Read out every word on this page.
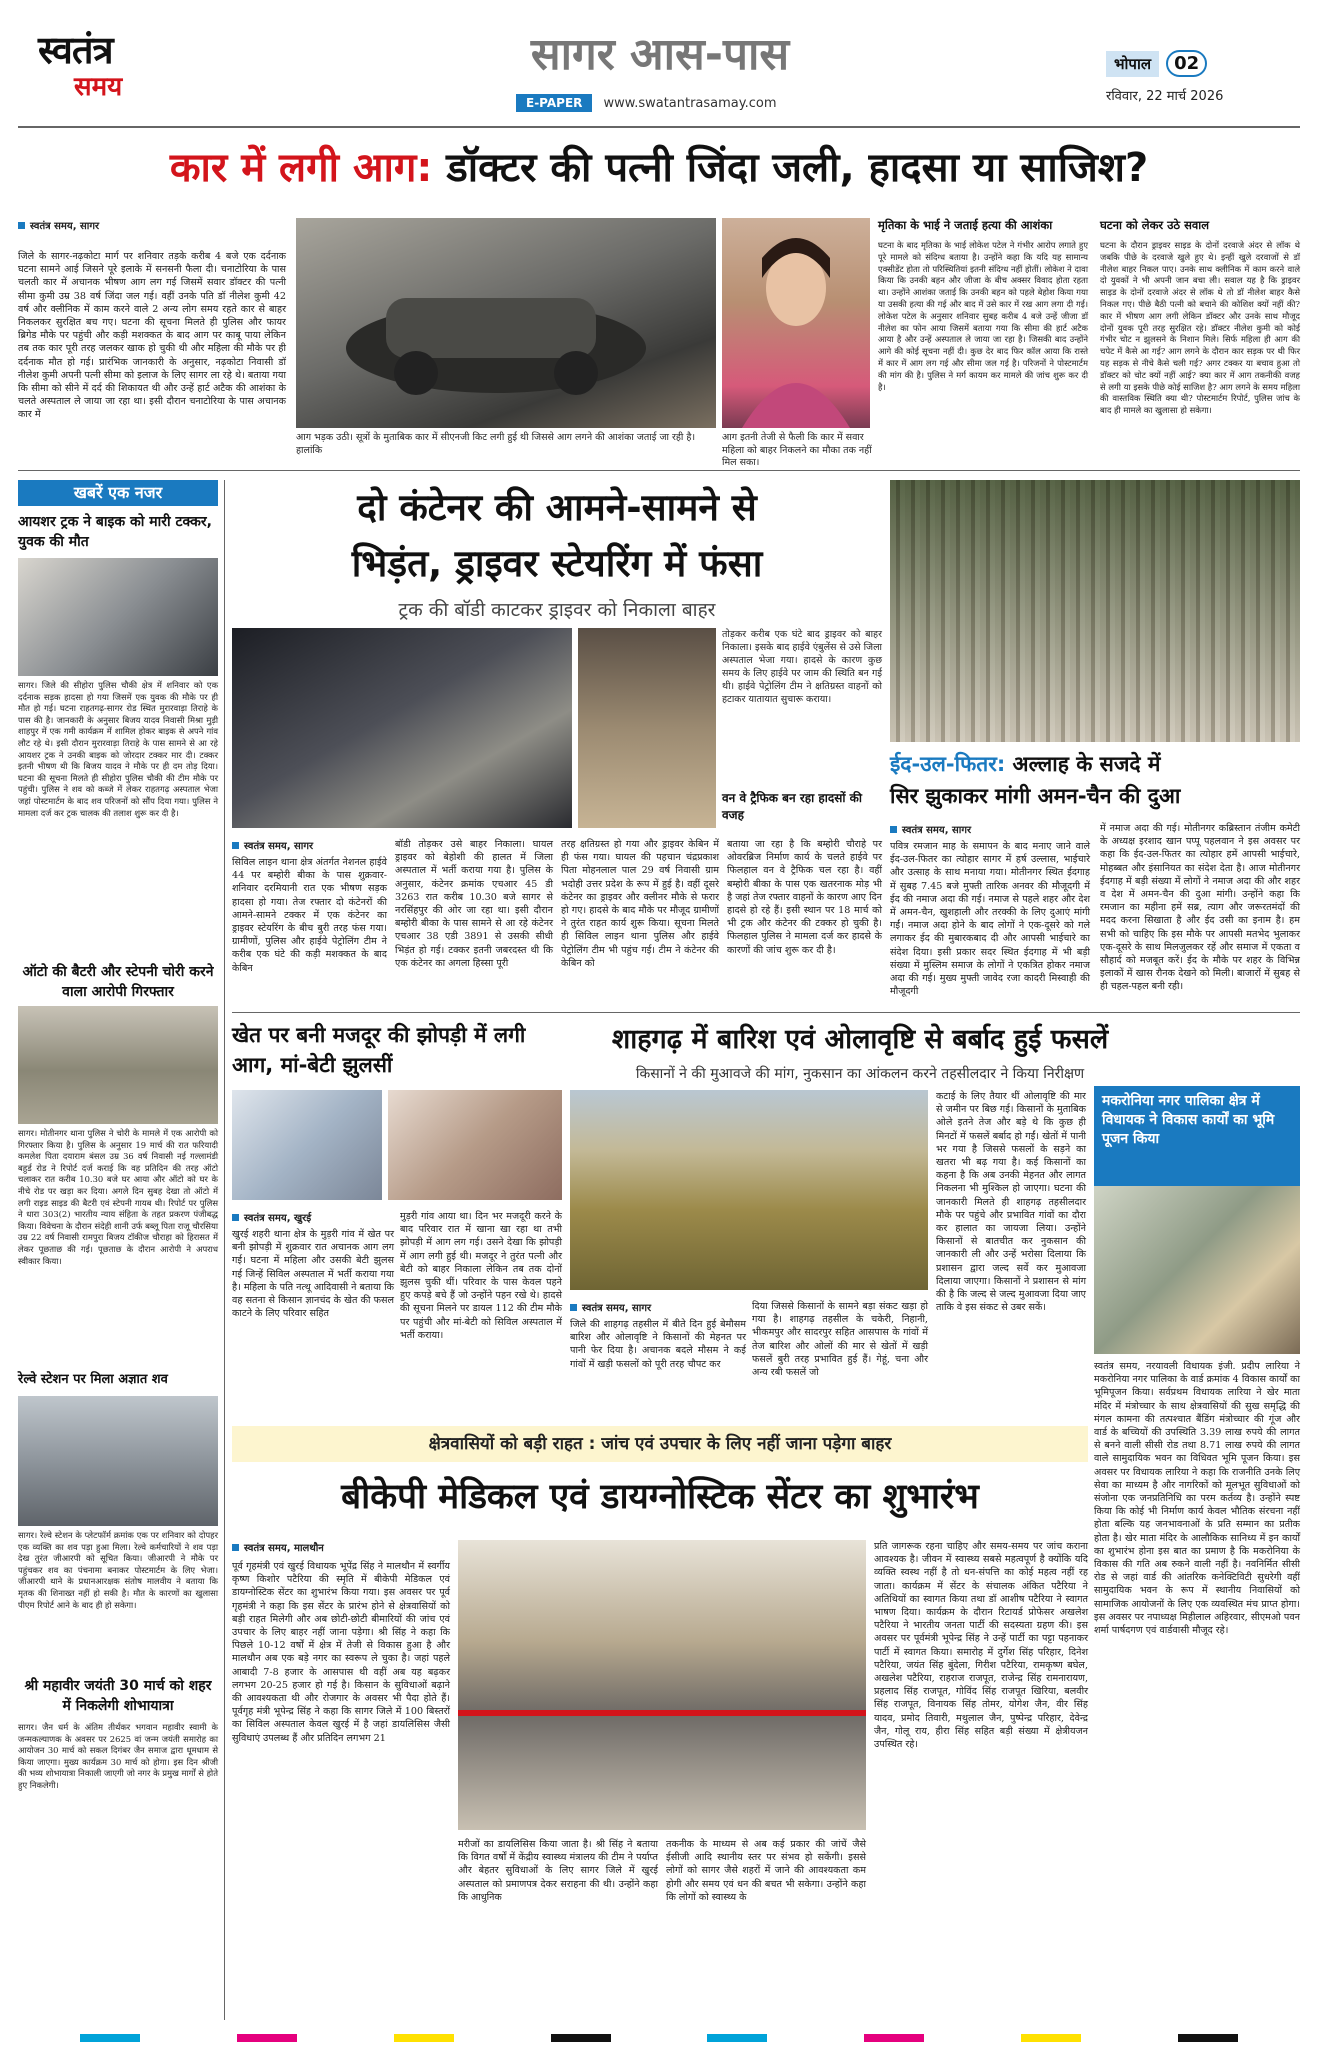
स्वतंत्र
समय
सागर आस-पास
E-PAPER www.swatantrasamay.com
भोपाल 02
रविवार, 22 मार्च 2026
कार में लगी आग: डॉक्टर की पत्नी जिंदा जली, हादसा या साजिश?
स्वतंत्र समय, सागर
जिले के सागर-नढ़कोटा मार्ग पर शनिवार तड़के करीब 4 बजे एक दर्दनाक घटना सामने आई जिसने पूरे इलाके में सनसनी फैला दी। चनाटोरिया के पास चलती कार में अचानक भीषण आग लग गई जिसमें सवार डॉक्टर की पत्नी सीमा कुमी उम्र 38 वर्ष जिंदा जल गई। वहीं उनके पति डॉ नीलेश कुमी 42 वर्ष और क्लीनिक में काम करने वाले 2 अन्य लोग समय रहते कार से बाहर निकलकर सुरक्षित बच गए। घटना की सूचना मिलते ही पुलिस और फायर ब्रिगेड मौके पर पहुंची और कड़ी मशक्कत के बाद आग पर काबू पाया लेकिन तब तक कार पूरी तरह जलकर खाक हो चुकी थी और महिला की मौके पर ही दर्दनाक मौत हो गई। प्रारंभिक जानकारी के अनुसार, नढ़कोटा निवासी डॉ नीलेश कुमी अपनी पत्नी सीमा को इलाज के लिए सागर ला रहे थे। बताया गया कि सीमा को सीने में दर्द की शिकायत थी और उन्हें हार्ट अटैक की आशंका के चलते अस्पताल ले जाया जा रहा था। इसी दौरान चनाटोरिया के पास अचानक कार में
आग भड़क उठी। सूत्रों के मुताबिक कार में सीएनजी किट लगी हुई थी जिससे आग लगने की आशंका जताई जा रही है। हालांकि
आग इतनी तेजी से फैली कि कार में सवार महिला को बाहर निकलने का मौका तक नहीं मिल सका।
मृतिका के भाई ने जताई हत्या की आशंका
घटना के बाद मृतिका के भाई लोकेश पटेल ने गंभीर आरोप लगाते हुए पूरे मामले को संदिग्ध बताया है। उन्होंने कहा कि यदि यह सामान्य एक्सीडेंट होता तो परिस्थितियां इतनी संदिग्ध नहीं होतीं। लोकेश ने दावा किया कि उनकी बहन और जीजा के बीच अक्सर विवाद होता रहता था। उन्होंने आशंका जताई कि उनकी बहन को पहले बेहोश किया गया या उसकी हत्या की गई और बाद में उसे कार में रख आग लगा दी गई। लोकेश पटेल के अनुसार शनिवार सुबह करीब 4 बजे उन्हें जीजा डॉ नीलेश का फोन आया जिसमें बताया गया कि सीमा की हार्ट अटैक आया है और उन्हें अस्पताल ले जाया जा रहा है। जिसकी बाद उन्होंने आगे की कोई सूचना नहीं दी। कुछ देर बाद फिर कॉल आया कि रास्ते में कार में आग लग गई और सीमा जल गई है। परिजनों ने पोस्टमार्टम की मांग की है। पुलिस ने मर्ग कायम कर मामले की जांच शुरू कर दी है।
घटना को लेकर उठे सवाल
घटना के दौरान ड्राइवर साइड के दोनों दरवाजे अंदर से लॉक थे जबकि पीछे के दरवाजे खुले हुए थे। इन्हीं खुले दरवाजों से डॉ नीलेश बाहर निकल पाए। उनके साथ क्लीनिक में काम करने वाले दो युवकों ने भी अपनी जान बचा ली। सवाल यह है कि ड्राइवर साइड के दोनों दरवाजे अंदर से लॉक थे तो डॉ नीलेश बाहर कैसे निकल गए। पीछे बैठी पत्नी को बचाने की कोशिश क्यों नहीं की? कार में भीषण आग लगी लेकिन डॉक्टर और उनके साथ मौजूद दोनों युवक पूरी तरह सुरक्षित रहे। डॉक्टर नीलेश कुमी को कोई गंभीर चोट न झुलसने के निशान मिले। सिर्फ महिला ही आग की चपेट में कैसे आ गई? आग लगने के दौरान कार सड़क पर थी फिर यह सड़क से नीचे कैसे चली गई? अगर टक्कर या बचाव हुआ तो डॉक्टर को चोट क्यों नहीं आई? क्या कार में आग तकनीकी वजह से लगी या इसके पीछे कोई साजिश है? आग लगने के समय महिला की वास्तविक स्थिति क्या थी? पोस्टमार्टम रिपोर्ट, पुलिस जांच के बाद ही मामले का खुलासा हो सकेगा।
खबरें एक नजर
आयशर ट्रक ने बाइक को मारी टक्कर, युवक की मौत
सागर। जिले की सीहोरा पुलिस चौकी क्षेत्र में शनिवार को एक दर्दनाक सड़क हादसा हो गया जिसमें एक युवक की मौके पर ही मौत हो गई। घटना राहतगढ़-सागर रोड स्थित मुरारवाड़ा तिराहे के पास की है। जानकारी के अनुसार बिजय यादव निवासी मिश्रा मुड़ी शाहपुर में एक गमी कार्यक्रम में शामिल होकर बाइक से अपने गांव लौट रहे थे। इसी दौरान मुरारवाड़ा तिराहे के पास सामने से आ रहे आयशर ट्रक ने उनकी बाइक को जोरदार टक्कर मार दी। टक्कर इतनी भीषण थी कि बिजय यादव ने मौके पर ही दम तोड़ दिया। घटना की सूचना मिलते ही सीहोरा पुलिस चौकी की टीम मौके पर पहुंची। पुलिस ने शव को कब्जे में लेकर राहतगढ़ अस्पताल भेजा जहां पोस्टमार्टम के बाद शव परिजनों को सौंप दिया गया। पुलिस ने मामला दर्ज कर ट्रक चालक की तलाश शुरू कर दी है।
ऑटो की बैटरी और स्टेपनी चोरी करने वाला आरोपी गिरफ्तार
सागर। मोतीनगर थाना पुलिस ने चोरी के मामले में एक आरोपी को गिरफ्तार किया है। पुलिस के अनुसार 19 मार्च की रात फरियादी कमलेश पिता दयाराम बंसल उम्र 36 वर्ष निवासी नई गल्लामंडी बहुर्ड रोड ने रिपोर्ट दर्ज कराई कि वह प्रतिदिन की तरह ऑटो चलाकर रात करीब 10.30 बजे घर आया और ऑटो को घर के नीचे रोड पर खड़ा कर दिया। अगले दिन सुबह देखा तो ऑटो में लगी राइड साइड की बैटरी एवं स्टेपनी गायब थी। रिपोर्ट पर पुलिस ने धारा 303(2) भारतीय न्याय संहिता के तहत प्रकरण पंजीबद्ध किया। विवेचना के दौरान संदेही शानी उर्फ बब्लू पिता राजू चौरसिया उम्र 22 वर्ष निवासी रामपुरा बिजय टॉकीज चौराहा को हिरासत में लेकर पूछताछ की गई। पूछताछ के दौरान आरोपी ने अपराध स्वीकार किया।
रेल्वे स्टेशन पर मिला अज्ञात शव
सागर। रेल्वे स्टेशन के प्लेटफॉर्म क्रमांक एक पर शनिवार को दोपहर एक व्यक्ति का शव पड़ा हुआ मिला। रेल्वे कर्मचारियों ने शव पड़ा देख तुरंत जीआरपी को सूचित किया। जीआरपी ने मौके पर पहुंचकर शव का पंचनामा बनाकर पोस्टमार्टम के लिए भेजा। जीआरपी थाने के प्रधानआरक्षक संतोष मालवीय ने बताया कि मृतक की शिनाख्त नहीं हो सकी है। मौत के कारणों का खुलासा पीएम रिपोर्ट आने के बाद ही हो सकेगा।
श्री महावीर जयंती 30 मार्च को शहर में निकलेगी शोभायात्रा
सागर। जैन धर्म के अंतिम तीर्थंकर भगवान महावीर स्वामी के जन्मकल्याणक के अवसर पर 2625 वां जन्म जयंती समारोह का आयोजन 30 मार्च को सकल दिगंबर जैन समाज द्वारा धूमधाम से किया जाएगा। मुख्य कार्यक्रम 30 मार्च को होगा। इस दिन श्रीजी की भव्य शोभायात्रा निकाली जाएगी जो नगर के प्रमुख मार्गों से होते हुए निकलेगी।
दो कंटेनर की आमने-सामने से
भिड़ंत, ड्राइवर स्टेयरिंग में फंसा
ट्रक की बॉडी काटकर ड्राइवर को निकाला बाहर
तोड़कर करीब एक घंटे बाद ड्राइवर को बाहर निकाला। इसके बाद हाईवे एंबुलेंस से उसे जिला अस्पताल भेजा गया। हादसे के कारण कुछ समय के लिए हाईवे पर जाम की स्थिति बन गई थी। हाईवे पेट्रोलिंग टीम ने क्षतिग्रस्त वाहनों को हटाकर यातायात सुचारू कराया।
वन वे ट्रैफिक बन रहा हादसों की वजह
स्वतंत्र समय, सागर
सिविल लाइन थाना क्षेत्र अंतर्गत नेशनल हाईवे 44 पर बम्होरी बीका के पास शुक्रवार-शनिवार दरमियानी रात एक भीषण सड़क हादसा हो गया। तेज रफ्तार दो कंटेनरों की आमने-सामने टक्कर में एक कंटेनर का ड्राइवर स्टेयरिंग के बीच बुरी तरह फंस गया। ग्रामीणों, पुलिस और हाईवे पेट्रोलिंग टीम ने करीब एक घंटे की कड़ी मशक्कत के बाद केबिन
बॉडी तोड़कर उसे बाहर निकाला। घायल ड्राइवर को बेहोशी की हालत में जिला अस्पताल में भर्ती कराया गया है। पुलिस के अनुसार, कंटेनर क्रमांक एचआर 45 डी 3263 रात करीब 10.30 बजे सागर से नरसिंहपुर की ओर जा रहा था। इसी दौरान बम्होरी बीका के पास सामने से आ रहे कंटेनर एचआर 38 एडी 3891 से उसकी सीधी भिड़ंत हो गई। टक्कर इतनी जबरदस्त थी कि एक कंटेनर का अगला हिस्सा पूरी
तरह क्षतिग्रस्त हो गया और ड्राइवर केबिन में ही फंस गया। घायल की पहचान चंद्रप्रकाश पिता मोहनलाल पाल 29 वर्ष निवासी ग्राम भदोही उत्तर प्रदेश के रूप में हुई है। वहीं दूसरे कंटेनर का ड्राइवर और क्लीनर मौके से फरार हो गए। हादसे के बाद मौके पर मौजूद ग्रामीणों ने तुरंत राहत कार्य शुरू किया। सूचना मिलते ही सिविल लाइन थाना पुलिस और हाईवे पेट्रोलिंग टीम भी पहुंच गई। टीम ने कंटेनर की केबिन को
बताया जा रहा है कि बम्होरी चौराहे पर ओवरब्रिज निर्माण कार्य के चलते हाईवे पर फिलहाल वन वे ट्रैफिक चल रहा है। वहीं बम्होरी बीका के पास एक खतरनाक मोड़ भी है जहां तेज रफ्तार वाहनों के कारण आए दिन हादसे हो रहे हैं। इसी स्थान पर 18 मार्च को भी ट्रक और कंटेनर की टक्कर हो चुकी है। फिलहाल पुलिस ने मामला दर्ज कर हादसे के कारणों की जांच शुरू कर दी है।
ईद-उल-फितर: अल्लाह के सजदे में
सिर झुकाकर मांगी अमन-चैन की दुआ
स्वतंत्र समय, सागर
पवित्र रमजान माह के समापन के बाद मनाए जाने वाले ईद-उल-फितर का त्योहार सागर में हर्ष उल्लास, भाईचारे और उत्साह के साथ मनाया गया। मोतीनगर स्थित ईदगाह में सुबह 7.45 बजे मुफ्ती तारिक अनवर की मौजूदगी में ईद की नमाज अदा की गई। नमाज से पहले शहर और देश में अमन-चैन, खुशहाली और तरक्की के लिए दुआएं मांगी गईं। नमाज अदा होने के बाद लोगों ने एक-दूसरे को गले लगाकर ईद की मुबारकबाद दी और आपसी भाईचारे का संदेश दिया। इसी प्रकार सदर स्थित ईदगाह में भी बड़ी संख्या में मुस्लिम समाज के लोगों ने एकत्रित होकर नमाज अदा की गई। मुख्य मुफ्ती जावेद रजा कादरी मिस्वाही की मौजूदगी
में नमाज अदा की गई। मोतीनगर कब्रिस्तान तंजीम कमेटी के अध्यक्ष इरशाद खान पप्पू पहलवान ने इस अवसर पर कहा कि ईद-उल-फितर का त्योहार हमें आपसी भाईचारे, मोहब्बत और इंसानियत का संदेश देता है। आज मोतीनगर ईदगाह में बड़ी संख्या में लोगों ने नमाज अदा की और शहर व देश में अमन-चैन की दुआ मांगी। उन्होंने कहा कि रमजान का महीना हमें सब्र, त्याग और जरूरतमंदों की मदद करना सिखाता है और ईद उसी का इनाम है। हम सभी को चाहिए कि इस मौके पर आपसी मतभेद भुलाकर एक-दूसरे के साथ मिलजुलकर रहें और समाज में एकता व सौहार्द को मजबूत करें। ईद के मौके पर शहर के विभिन्न इलाकों में खास रौनक देखने को मिली। बाजारों में सुबह से ही चहल-पहल बनी रही।
खेत पर बनी मजदूर की झोपड़ी में लगी आग, मां-बेटी झुलसीं
स्वतंत्र समय, खुरई
खुरई शहरी थाना क्षेत्र के मुड़री गांव में खेत पर बनी झोपड़ी में शुक्रवार रात अचानक आग लग गई। घटना में महिला और उसकी बेटी झुलस गई जिन्हें सिविल अस्पताल में भर्ती कराया गया है। महिला के पति नत्थू आदिवासी ने बताया कि वह सतना से किसान ज्ञानचंद के खेत की फसल काटने के लिए परिवार सहित
मुड़री गांव आया था। दिन भर मजदूरी करने के बाद परिवार रात में खाना खा रहा था तभी झोपड़ी में आग लग गई। उसने देखा कि झोपड़ी में आग लगी हुई थी। मजदूर ने तुरंत पत्नी और बेटी को बाहर निकाला लेकिन तब तक दोनों झुलस चुकी थीं। परिवार के पास केवल पहने हुए कपड़े बचे हैं जो उन्होंने पहन रखे थे। हादसे की सूचना मिलने पर डायल 112 की टीम मौके पर पहुंची और मां-बेटी को सिविल अस्पताल में भर्ती कराया।
शाहगढ़ में बारिश एवं ओलावृष्टि से बर्बाद हुई फसलें
किसानों ने की मुआवजे की मांग, नुकसान का आंकलन करने तहसीलदार ने किया निरीक्षण
कटाई के लिए तैयार थीं ओलावृष्टि की मार से जमीन पर बिछ गई। किसानों के मुताबिक ओले इतने तेज और बड़े थे कि कुछ ही मिनटों में फसलें बर्बाद हो गईं। खेतों में पानी भर गया है जिससे फसलों के सड़ने का खतरा भी बढ़ गया है। कई किसानों का कहना है कि अब उनकी मेहनत और लागत निकलना भी मुश्किल हो जाएगा। घटना की जानकारी मिलते ही शाहगढ़ तहसीलदार मौके पर पहुंचे और प्रभावित गांवों का दौरा कर हालात का जायजा लिया। उन्होंने किसानों से बातचीत कर नुकसान की जानकारी ली और उन्हें भरोसा दिलाया कि प्रशासन द्वारा जल्द सर्वे कर मुआवजा दिलाया जाएगा। किसानों ने प्रशासन से मांग की है कि जल्द से जल्द मुआवजा दिया जाए ताकि वे इस संकट से उबर सकें।
स्वतंत्र समय, सागर
जिले की शाहगढ़ तहसील में बीते दिन हुई बेमौसम बारिश और ओलावृष्टि ने किसानों की मेहनत पर पानी फेर दिया है। अचानक बदले मौसम ने कई गांवों में खड़ी फसलों को पूरी तरह चौपट कर
दिया जिससे किसानों के सामने बड़ा संकट खड़ा हो गया है। शाहगढ़ तहसील के चकेरी, निहानी, भीकमपुर और सादरपुर सहित आसपास के गांवों में तेज बारिश और ओलों की मार से खेतों में खड़ी फसलें बुरी तरह प्रभावित हुई हैं। गेहूं, चना और अन्य रबी फसलें जो
मकरोनिया नगर पालिका क्षेत्र में विधायक ने विकास कार्यों का भूमि पूजन किया
स्वतंत्र समय, नरयावली विधायक इंजी. प्रदीप लारिया ने मकरोनिया नगर पालिका के वार्ड क्रमांक 4 विकास कार्यों का भूमिपूजन किया। सर्वप्रथम विधायक लारिया ने खेर माता मंदिर में मंत्रोच्चार के साथ क्षेत्रवासियों की सुख समृद्धि की मंगल कामना की तत्पश्चात बैंडिंग मंत्रोच्चार की गूंज और वार्ड के बच्चियों की उपस्थिति 3.39 लाख रुपये की लागत से बनने वाली सीसी रोड तथा 8.71 लाख रुपये की लागत वाले सामुदायिक भवन का विधिवत भूमि पूजन किया। इस अवसर पर विधायक लारिया ने कहा कि राजनीति उनके लिए सेवा का माध्यम है और नागरिकों को मूलभूत सुविधाओं को संजोना एक जनप्रतिनिधि का परम कर्तव्य है। उन्होंने स्पष्ट किया कि कोई भी निर्माण कार्य केवल भौतिक संरचना नहीं होता बल्कि यह जनभावनाओं के प्रति सम्मान का प्रतीक होता है। खेर माता मंदिर के आलौकिक सानिध्य में इन कार्यों का शुभारंभ होना इस बात का प्रमाण है कि मकरोनिया के विकास की गति अब रुकने वाली नहीं है। नवनिर्मित सीसी रोड से जहां वार्ड की आंतरिक कनेक्टिविटी सुधरेगी वहीं सामुदायिक भवन के रूप में स्थानीय निवासियों को सामाजिक आयोजनों के लिए एक व्यवस्थित मंच प्राप्त होगा। इस अवसर पर नपाध्यक्ष मिहीलाल अहिरवार, सीएमओ पवन शर्मा पार्षदगण एवं वार्डवासी मौजूद रहे।
क्षेत्रवासियों को बड़ी राहत : जांच एवं उपचार के लिए नहीं जाना पड़ेगा बाहर
बीकेपी मेडिकल एवं डायग्नोस्टिक सेंटर का शुभारंभ
स्वतंत्र समय, मालथौन
पूर्व गृहमंत्री एवं खुरई विधायक भूपेंद्र सिंह ने मालथौन में स्वर्गीय कृष्ण किशोर पटैरिया की स्मृति में बीकेपी मेडिकल एवं डायग्नोस्टिक सेंटर का शुभारंभ किया गया। इस अवसर पर पूर्व गृहमंत्री ने कहा कि इस सेंटर के प्रारंभ होने से क्षेत्रवासियों को बड़ी राहत मिलेगी और अब छोटी-छोटी बीमारियों की जांच एवं उपचार के लिए बाहर नहीं जाना पड़ेगा। श्री सिंह ने कहा कि पिछले 10-12 वर्षों में क्षेत्र में तेजी से विकास हुआ है और मालथौन अब एक बड़े नगर का स्वरूप ले चुका है। जहां पहले आबादी 7-8 हजार के आसपास थी वहीं अब यह बढ़कर लगभग 20-25 हजार हो गई है। किसान के सुविधाओं बढ़ाने की आवश्यकता थी और रोजगार के अवसर भी पैदा होते हैं। पूर्वगृह मंत्री भूपेन्द्र सिंह ने कहा कि सागर जिले में 100 बिस्तरों का सिविल अस्पताल केवल खुरई में है जहां डायलिसिस जैसी सुविधाएं उपलब्ध हैं और प्रतिदिन लगभग 21
मरीजों का डायलिसिस किया जाता है। श्री सिंह ने बताया कि विगत वर्षों में केंद्रीय स्वास्थ्य मंत्रालय की टीम ने पर्याप्त और बेहतर सुविधाओं के लिए सागर जिले में खुरई अस्पताल को प्रमाणपत्र देकर सराहना की थी। उन्होंने कहा कि आधुनिक
तकनीक के माध्यम से अब कई प्रकार की जांचें जैसे ईसीजी आदि स्थानीय स्तर पर संभव हो सकेंगी। इससे लोगों को सागर जैसे शहरों में जाने की आवश्यकता कम होगी और समय एवं धन की बचत भी सकेगा। उन्होंने कहा कि लोगों को स्वास्थ्य के
प्रति जागरूक रहना चाहिए और समय-समय पर जांच कराना आवश्यक है। जीवन में स्वास्थ्य सबसे महत्वपूर्ण है क्योंकि यदि व्यक्ति स्वस्थ नहीं है तो धन-संपत्ति का कोई महत्व नहीं रह जाता। कार्यक्रम में सेंटर के संचालक अंकित पटैरिया ने अतिथियों का स्वागत किया तथा डॉ आशीष पटैरिया ने स्वागत भाषण दिया। कार्यक्रम के दौरान रिटायर्ड प्रोफेसर अखलेश पटैरिया ने भारतीय जनता पार्टी की सदस्यता ग्रहण की। इस अवसर पर पूर्वमंत्री भूपेन्द्र सिंह ने उन्हें पार्टी का पट्टा पहनाकर पार्टी में स्वागत किया। समारोह में दुर्गेश सिंह परिहार, दिनेश पटैरिया, जयंत सिंह बुंदेला, गिरीश पटैरिया, रामकृष्ण बघेल, अखलेश पटैरिया, राहराज राजपूत, राजेन्द्र सिंह रामनारायण, प्रहलाद सिंह राजपूत, गोविंद सिंह राजपूत खिरिया, बलवीर सिंह राजपूत, विनायक सिंह तोमर, योगेश जैन, वीर सिंह यादव, प्रमोद तिवारी, मथुलाल जैन, पुष्पेन्द्र परिहार, देवेन्द्र जैन, गोलू राय, हीरा सिंह सहित बड़ी संख्या में क्षेत्रीयजन उपस्थित रहे।
